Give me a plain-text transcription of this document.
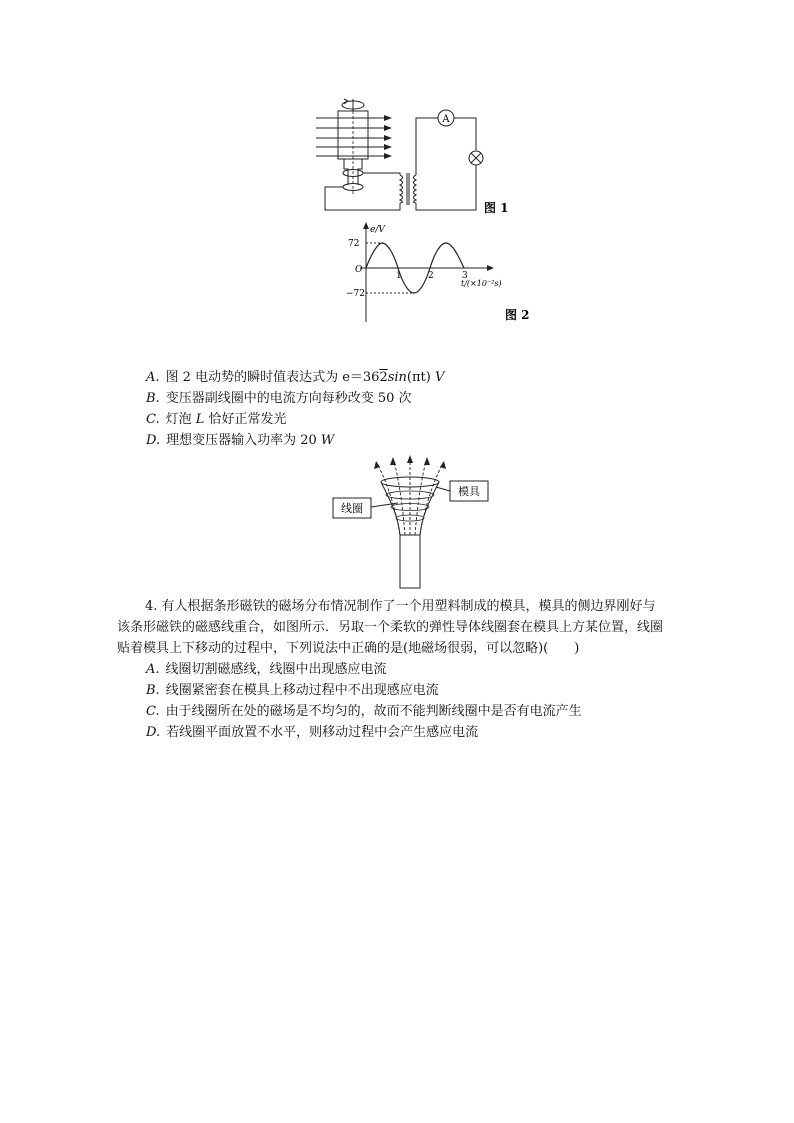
A
图 1
e/V
72
O
−72
1	2	3
t/(×10⁻²s)
图 2
A. 图 2 电动势的瞬时值表达式为 e＝362sin(πt) V
B. 变压器副线圈中的电流方向每秒改变 50 次
C. 灯泡 L 恰好正常发光
D. 理想变压器输入功率为 20 W
线圈
模具
4. 有人根据条形磁铁的磁场分布情况制作了一个用塑料制成的模具，模具的侧边界刚好与该条形磁铁的磁感线重合，如图所示．另取一个柔软的弹性导体线圈套在模具上方某位置，线圈贴着模具上下移动的过程中，下列说法中正确的是(地磁场很弱，可以忽略)(　　)
A. 线圈切割磁感线，线圈中出现感应电流
B. 线圈紧密套在模具上移动过程中不出现感应电流
C. 由于线圈所在处的磁场是不均匀的，故而不能判断线圈中是否有电流产生
D. 若线圈平面放置不水平，则移动过程中会产生感应电流
